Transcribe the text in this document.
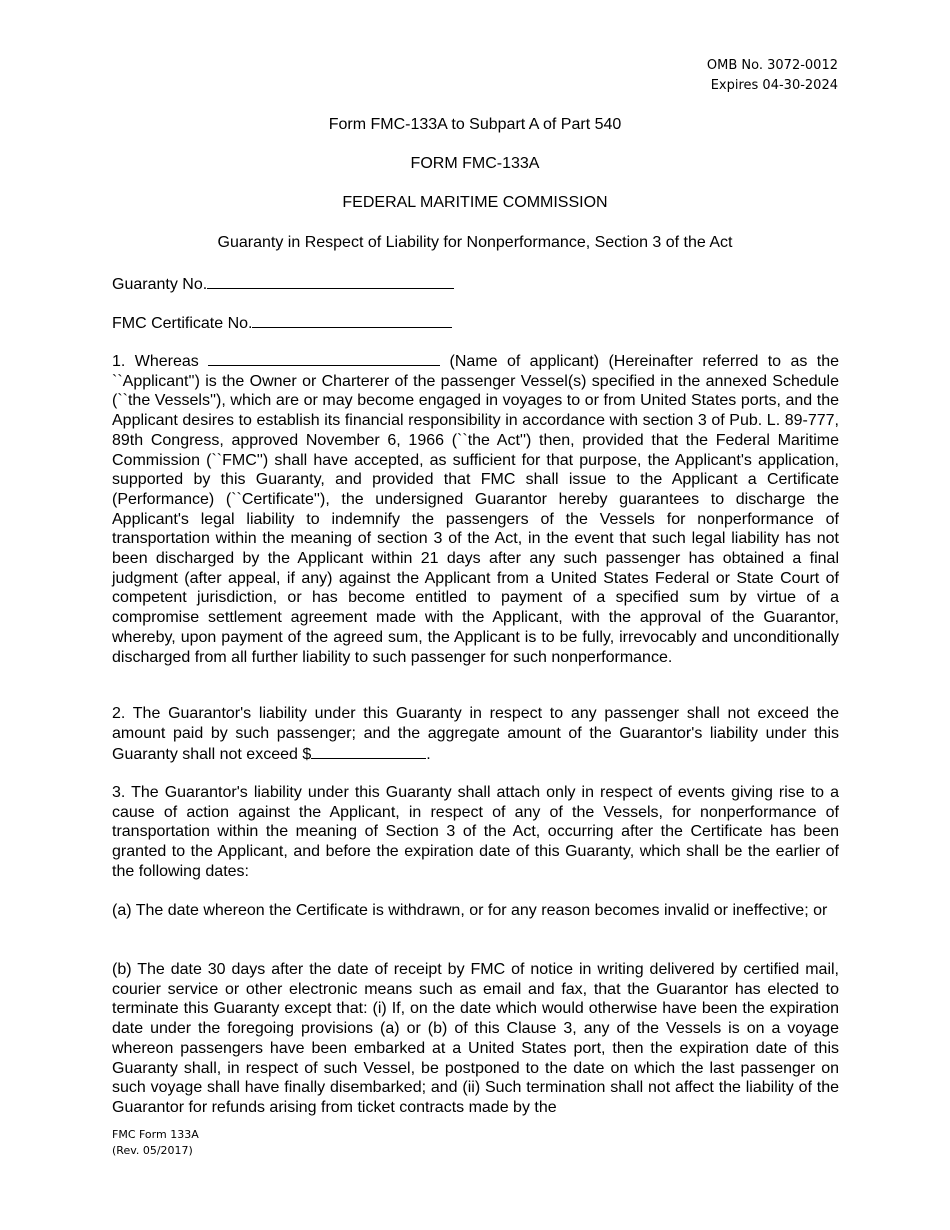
OMB No. 3072-0012
Expires 04-30-2024
Form FMC-133A to Subpart A of Part 540
FORM FMC-133A
FEDERAL MARITIME COMMISSION
Guaranty in Respect of Liability for Nonperformance, Section 3 of the Act
Guaranty No.
FMC Certificate No.

1. Whereas	(Name of applicant) (Hereinafter referred to as the ``Applicant'') is the Owner or Charterer of the passenger Vessel(s) specified in the annexed Schedule (``the Vessels''), which are or may become engaged in voyages to or from United States ports, and the Applicant desires to establish its financial responsibility in accordance with section 3 of Pub. L. 89-777, 89th Congress, approved November 6, 1966 (``the Act'') then, provided that the Federal Maritime Commission (``FMC'') shall have accepted, as sufficient for that purpose, the Applicant's application, supported by this Guaranty, and provided that FMC shall issue to the Applicant a Certificate (Performance) (``Certificate''), the undersigned Guarantor hereby guarantees to discharge the Applicant's legal liability to indemnify the passengers of the Vessels for nonperformance of transportation within the meaning of section 3 of the Act, in the event that such legal liability has not been discharged by the Applicant within 21 days after any such passenger has obtained a final judgment (after appeal, if any) against the Applicant from a United States Federal or State Court of competent jurisdiction, or has become entitled to payment of a specified sum by virtue of a compromise settlement agreement made with the Applicant, with the approval of the Guarantor, whereby, upon payment of the agreed sum, the Applicant is to be fully, irrevocably and unconditionally discharged from all further liability to such passenger for such nonperformance.

2. The Guarantor's liability under this Guaranty in respect to any passenger shall not exceed the amount paid by such passenger; and the aggregate amount of the Guarantor's liability under this Guaranty shall not exceed $	.

3. The Guarantor's liability under this Guaranty shall attach only in respect of events giving rise to a cause of action against the Applicant, in respect of any of the Vessels, for nonperformance of transportation within the meaning of Section 3 of the Act, occurring after the Certificate has been granted to the Applicant, and before the expiration date of this Guaranty, which shall be the earlier of the following dates:

(a) The date whereon the Certificate is withdrawn, or for any reason becomes invalid or ineffective; or

(b) The date 30 days after the date of receipt by FMC of notice in writing delivered by certified mail, courier service or other electronic means such as email and fax, that the Guarantor has elected to terminate this Guaranty except that: (i) If, on the date which would otherwise have been the expiration date under the foregoing provisions (a) or (b) of this Clause 3, any of the Vessels is on a voyage whereon passengers have been embarked at a United States port, then the expiration date of this Guaranty shall, in respect of such Vessel, be postponed to the date on which the last passenger on such voyage shall have finally disembarked; and (ii) Such termination shall not affect the liability of the Guarantor for refunds arising from ticket contracts made by the

FMC Form 133A
(Rev. 05/2017)
